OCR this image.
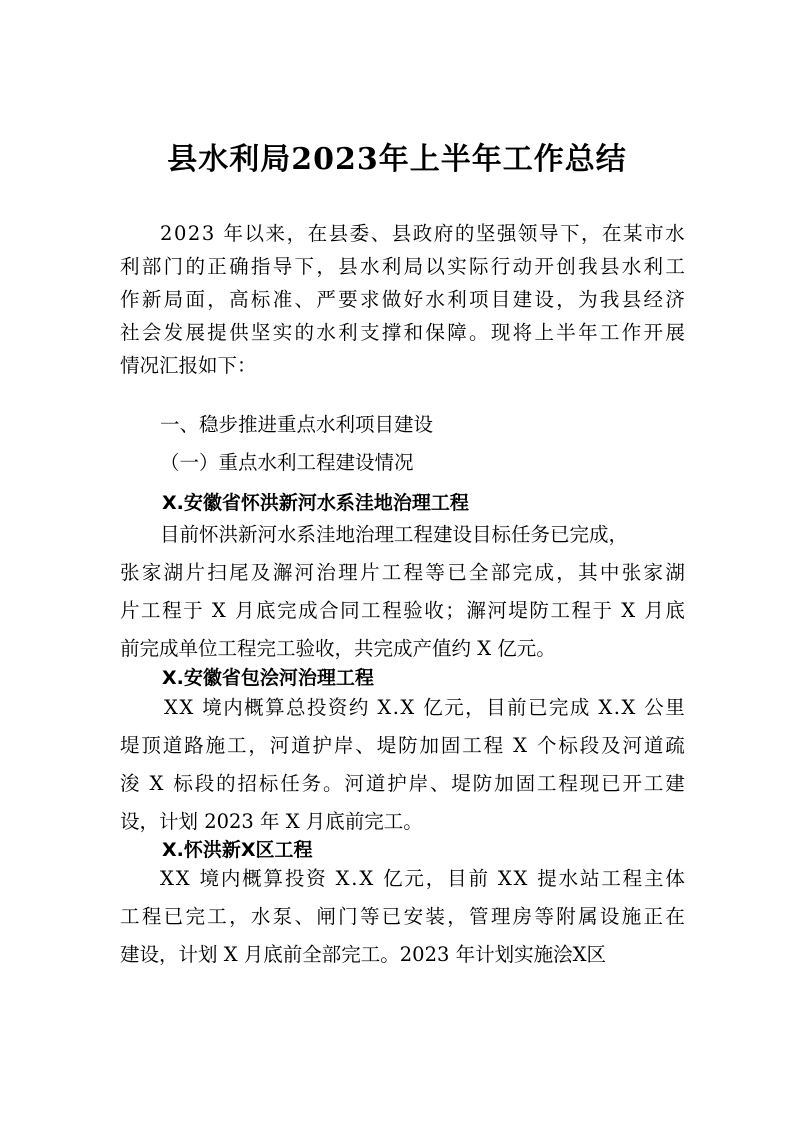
县水利局2023年上半年工作总结
2 0 2 3
年 以 来 ， 在 县 委 、 县 政 府 的 坚 强 领 导 下 ， 在 某 市 水
利 部 门 的 正 确 指 导 下 ， 县 水 利 局 以 实 际 行 动 开 创 我 县 水 利 工
作 新 局 面 ， 高 标 准 、 严 要 求 做 好 水 利 项 目 建 设 ， 为 我 县 经 济
社 会 发 展 提 供 坚 实 的 水 利 支 撑 和 保 障 。 现 将 上 半 年 工 作 开 展
情况汇报如下：
一、稳步推进重点水利项目建设
（一）重点水利工程建设情况
X.安徽省怀洪新河水系洼地治理工程
目前怀洪新河水系洼地治理工程建设目标任务已完成，
张 家 湖 片 扫 尾 及 澥 河 治 理 片 工 程 等 已 全 部 完 成 ， 其 中 张 家 湖
片 工 程 于
X
月 底 完 成 合 同 工 程 验 收 ； 澥 河 堤 防 工 程 于
X
月 底
前完成单位工程完工验收，共完成产值约 X 亿元。
X.安徽省包浍河治理工程
X X
境 内 概 算 总 投 资 约
X . X
亿 元 ， 目 前 已 完 成
X . X
公 里
堤 顶 道 路 施 工 ， 河 道 护 岸 、 堤 防 加 固 工 程
X
个 标 段 及 河 道 疏
浚
X
标 段 的 招 标 任 务 。 河 道 护 岸 、 堤 防 加 固 工 程 现 已 开 工 建
设，计划 2023 年 X 月底前完工。
X.怀洪新X区工程
X X
境 内 概 算 投 资
X . X
亿 元 ， 目 前
X X
提 水 站 工 程 主 体
工 程 已 完 工 ， 水 泵 、 闸 门 等 已 安 装 ， 管 理 房 等 附 属 设 施 正 在
建设，计划 X 月底前全部完工。2023 年计划实施浍X区
